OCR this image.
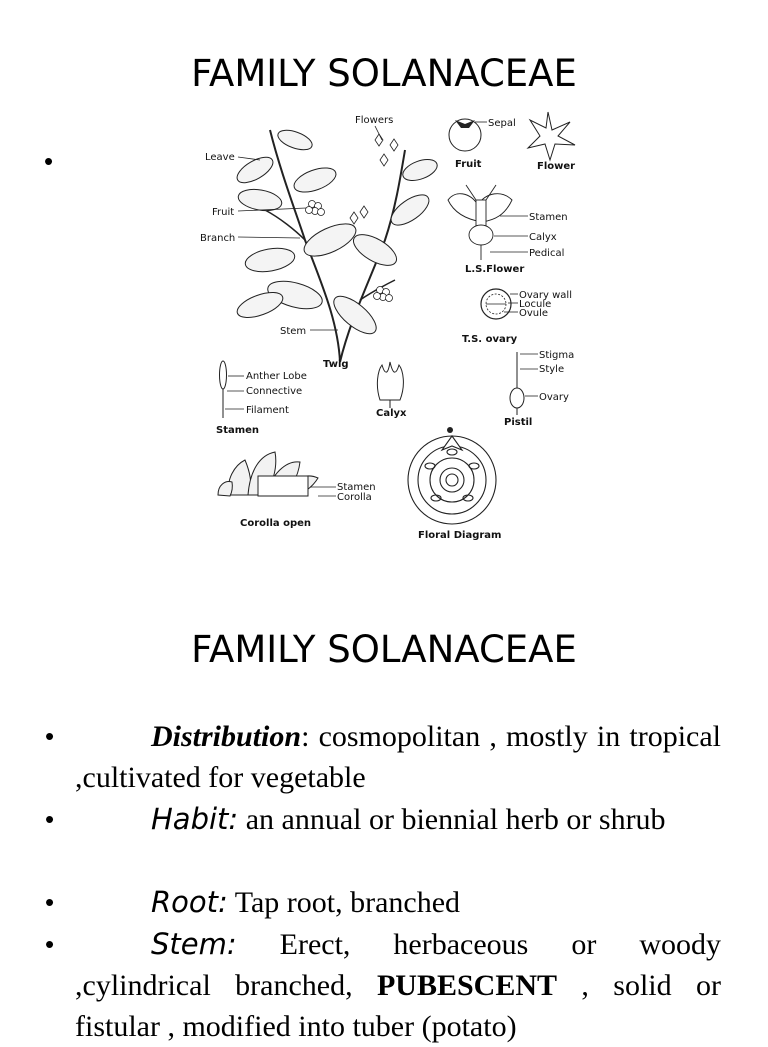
FAMILY SOLANACEAE
•	Leave
Flowers
Fruit
Branch
Stem
Twig
Sepal
Fruit	Flower
Stamen
Calyx
Pedical
L.S.Flower
Ovary wall
Locule
Ovule
T.S. ovary
Anther Lobe
Connective
Filament
Stamen
Calyx
Stigma
Style
Ovary
Pistil
Stamen
Corolla
Corolla open
Floral Diagram
FAMILY SOLANACEAE
•	Distribution: cosmopolitan , mostly in tropical ,cultivated for vegetable
•	Habit: an annual or biennial herb or shrub
•	Root: Tap root, branched
•	Stem: Erect, herbaceous or woody ,cylindrical branched, PUBESCENT , solid or fistular , modified into tuber (potato)
